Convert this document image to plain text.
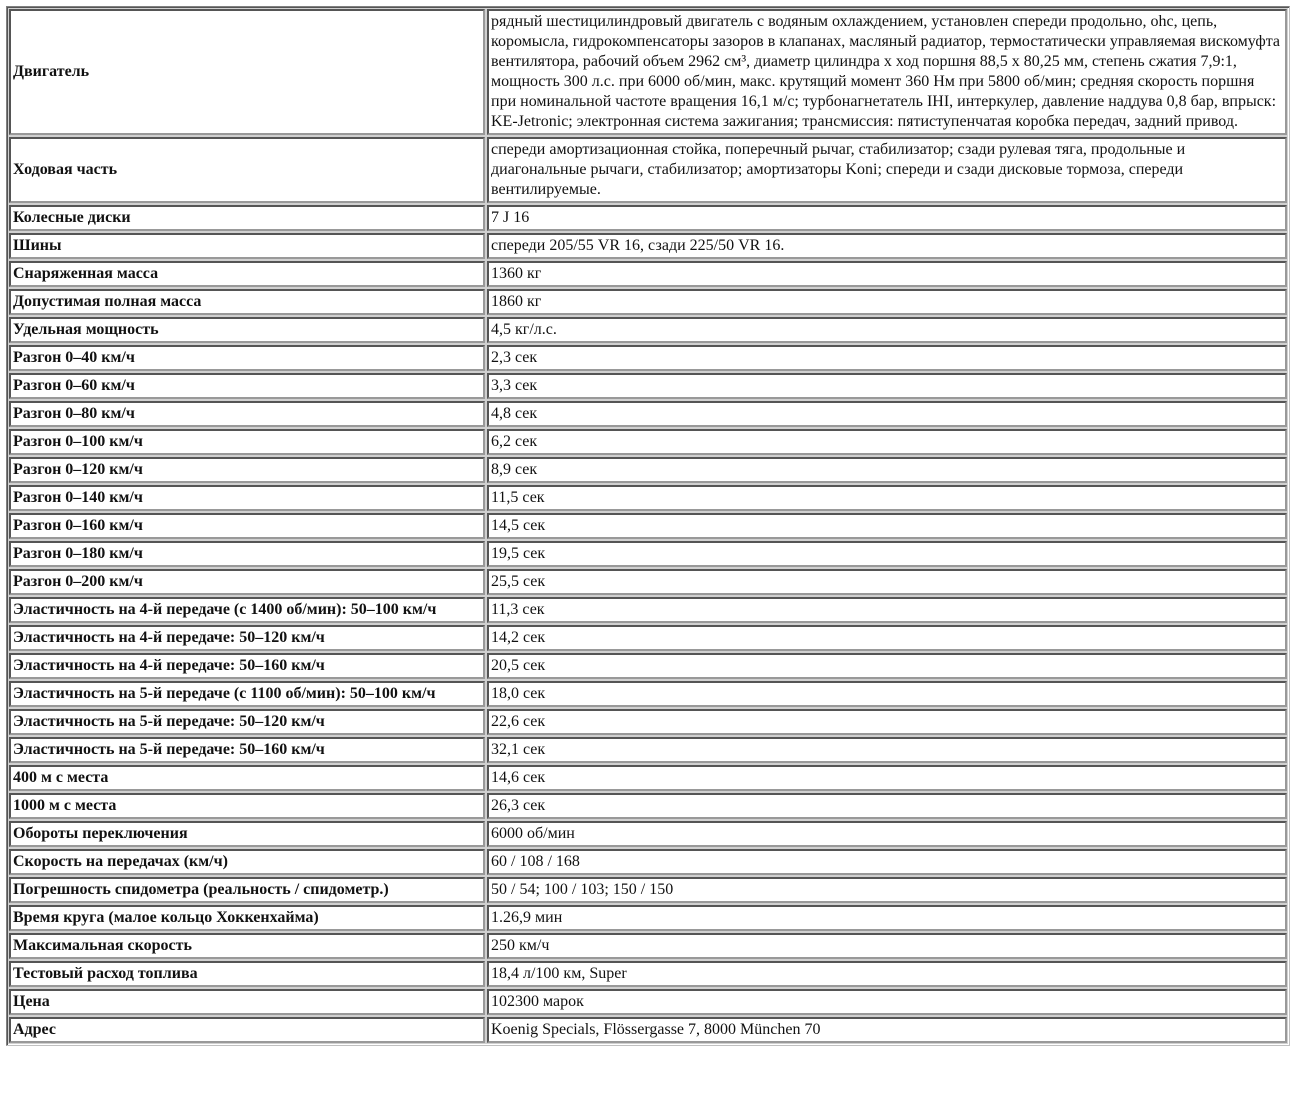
Двигатель	рядный шестицилиндровый двигатель с водяным охлаждением, установлен спереди продольно, ohc, цепь, коромысла, гидрокомпенсаторы зазоров в клапанах, масляный радиатор, термостатически управляемая вискомуфта вентилятора, рабочий объем 2962 см³, диаметр цилиндра х ход поршня 88,5 х 80,25 мм, степень сжатия 7,9:1, мощность 300 л.с. при 6000 об/мин, макс. крутящий момент 360 Нм при 5800 об/мин; средняя скорость поршня при номинальной частоте вращения 16,1 м/с; турбонагнетатель IHI, интеркулер, давление наддува 0,8 бар, впрыск: KE-Jetronic; электронная система зажигания; трансмиссия: пятиступенчатая коробка передач, задний привод.
Ходовая часть	спереди амортизационная стойка, поперечный рычаг, стабилизатор; сзади рулевая тяга, продольные и диагональные рычаги, стабилизатор; амортизаторы Koni; спереди и сзади дисковые тормоза, спереди вентилируемые.
Колесные диски	7 J 16
Шины	спереди 205/55 VR 16, сзади 225/50 VR 16.
Снаряженная масса	1360 кг
Допустимая полная масса	1860 кг
Удельная мощность	4,5 кг/л.с.
Разгон 0–40 км/ч	2,3 сек
Разгон 0–60 км/ч	3,3 сек
Разгон 0–80 км/ч	4,8 сек
Разгон 0–100 км/ч	6,2 сек
Разгон 0–120 км/ч	8,9 сек
Разгон 0–140 км/ч	11,5 сек
Разгон 0–160 км/ч	14,5 сек
Разгон 0–180 км/ч	19,5 сек
Разгон 0–200 км/ч	25,5 сек
Эластичность на 4-й передаче (с 1400 об/мин): 50–100 км/ч	11,3 сек
Эластичность на 4-й передаче: 50–120 км/ч	14,2 сек
Эластичность на 4-й передаче: 50–160 км/ч	20,5 сек
Эластичность на 5-й передаче (с 1100 об/мин): 50–100 км/ч	18,0 сек
Эластичность на 5-й передаче: 50–120 км/ч	22,6 сек
Эластичность на 5-й передаче: 50–160 км/ч	32,1 сек
400 м с места	14,6 сек
1000 м с места	26,3 сек
Обороты переключения	6000 об/мин
Скорость на передачах (км/ч)	60 / 108 / 168
Погрешность спидометра (реальность / спидометр.)	50 / 54; 100 / 103; 150 / 150
Время круга (малое кольцо Хоккенхайма)	1.26,9 мин
Максимальная скорость	250 км/ч
Тестовый расход топлива	18,4 л/100 км, Super
Цена	102300 марок
Адрес	Koenig Specials, Flössergasse 7, 8000 München 70
